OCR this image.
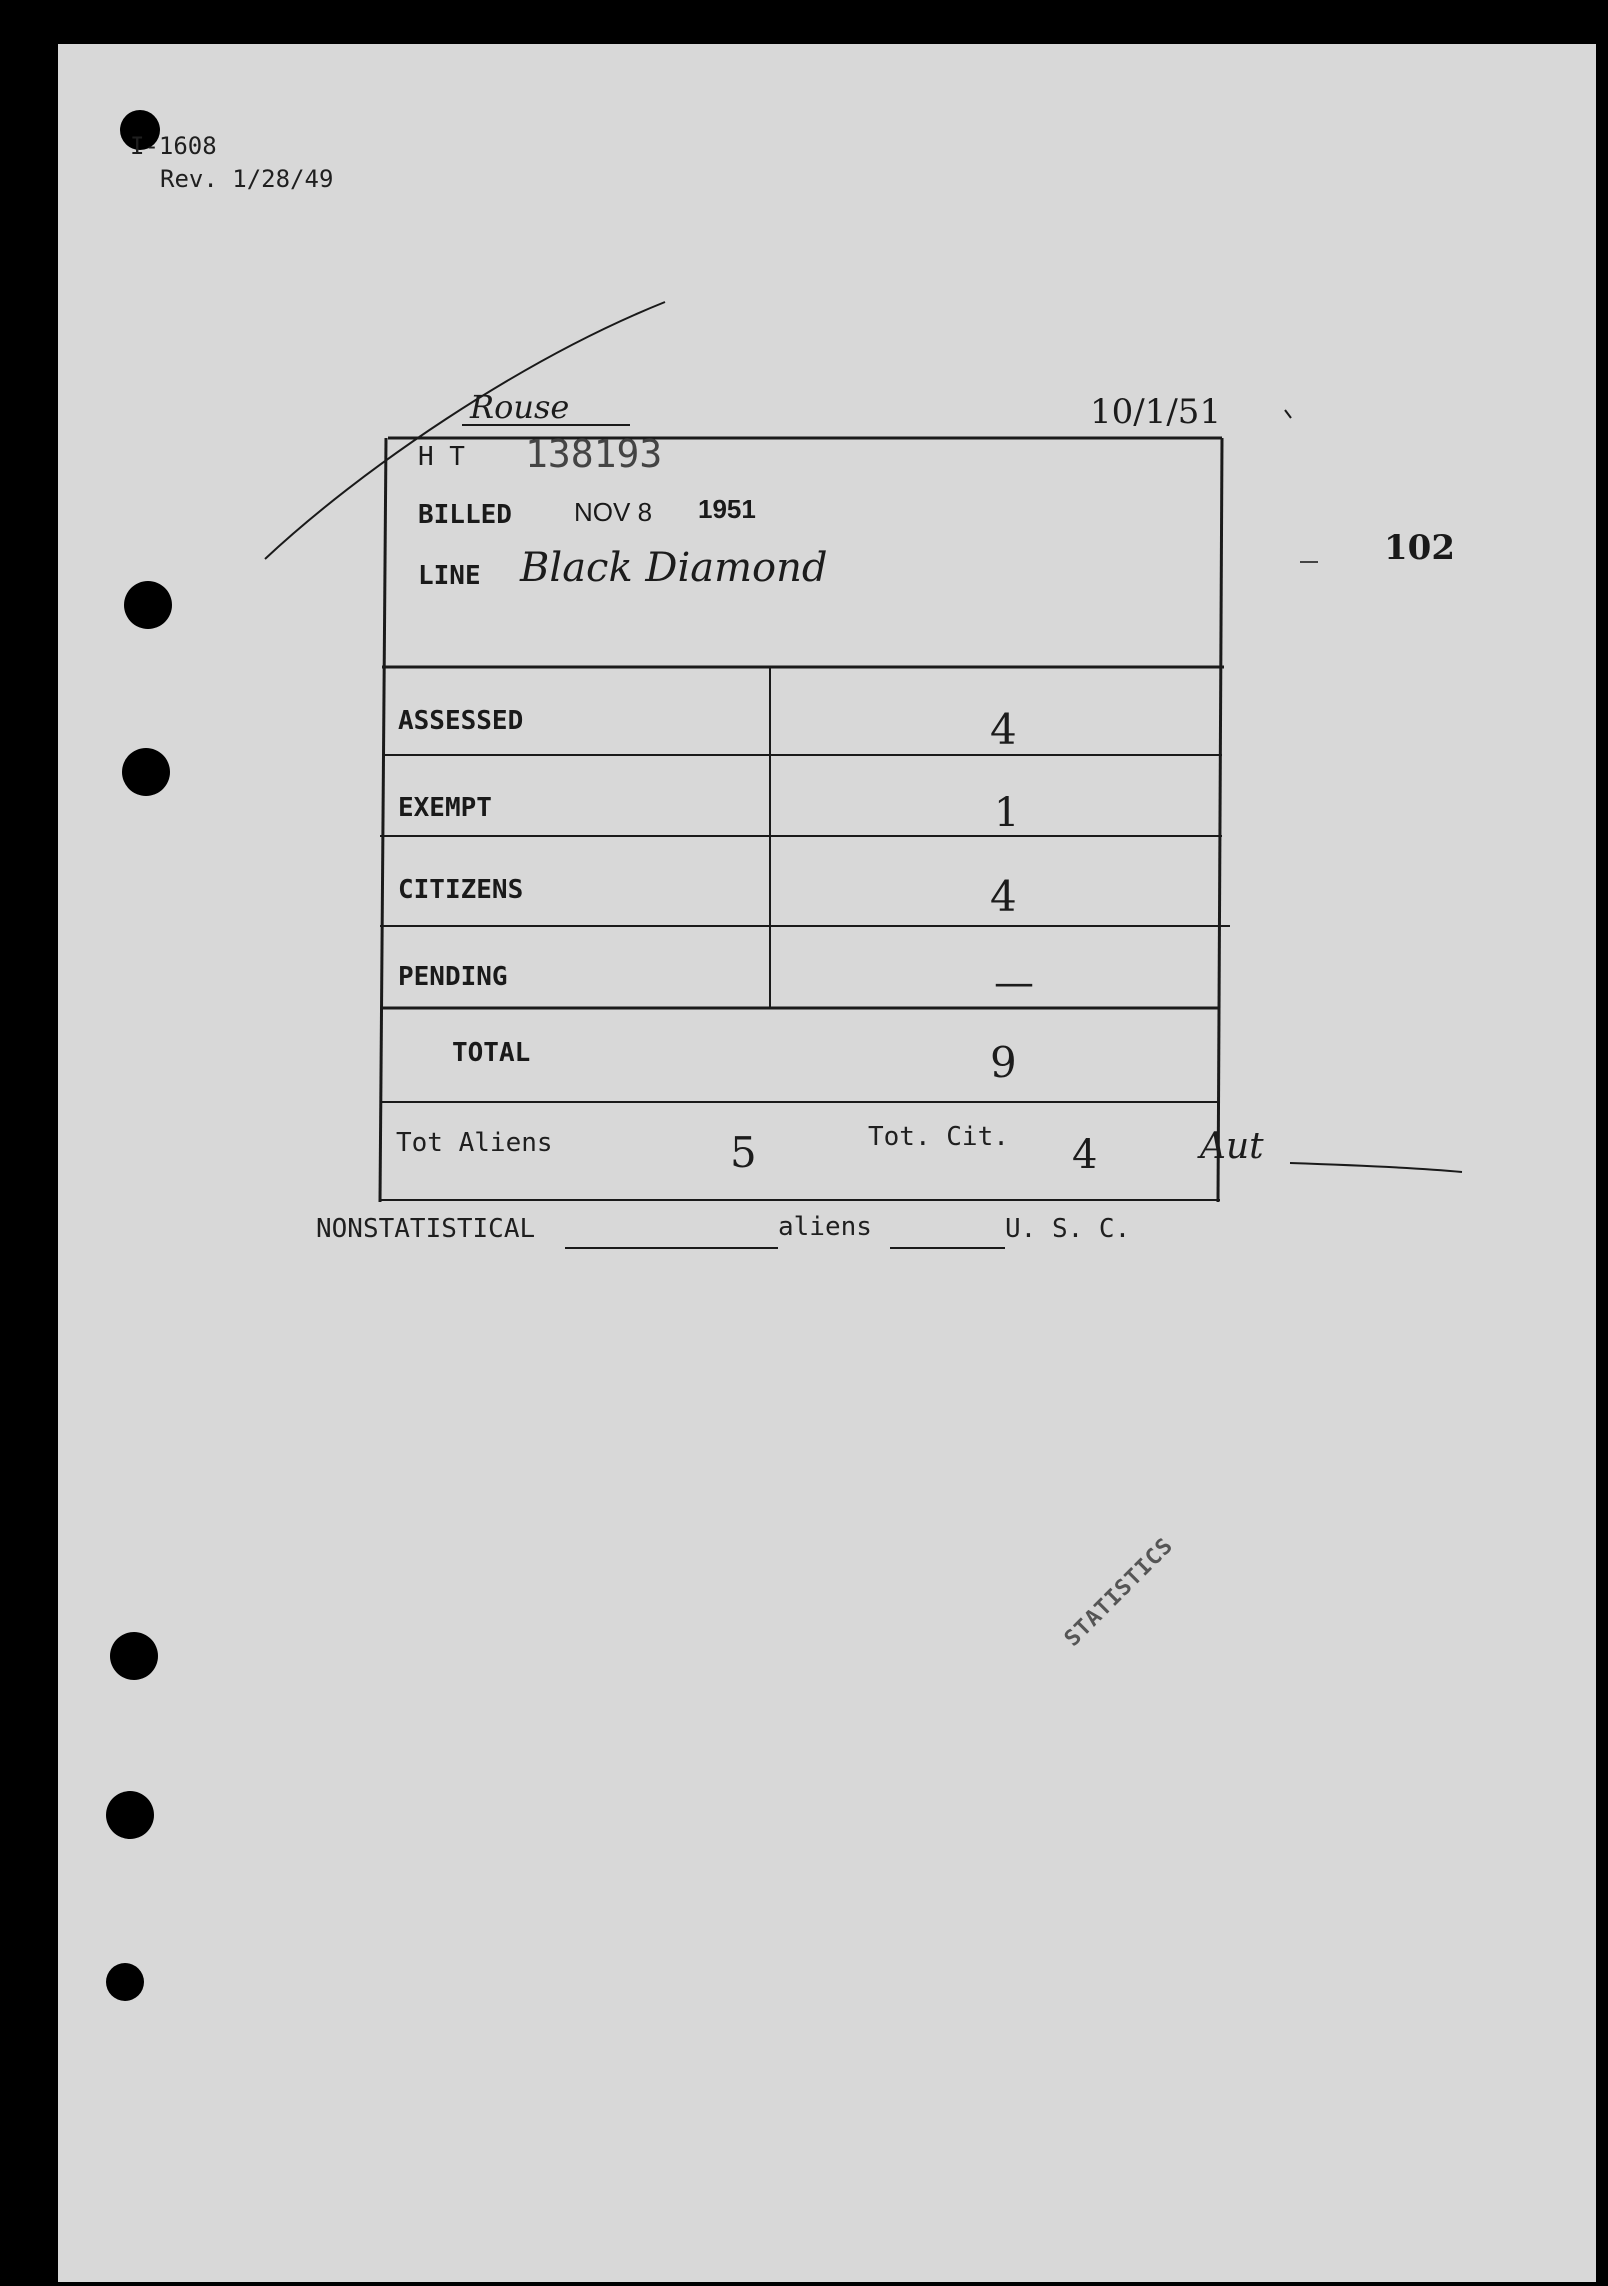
I-1608
Rev. 1/28/49
Rouse	10/1/51
H T 138193
BILLED NOV 8 1951
LINE Black Diamond	102
ASSESSED	4
EXEMPT	1
CITIZENS	4
PENDING	—
TOTAL	9
Tot Aliens	5	Tot. Cit. 4	Aut
NONSTATISTICAL	aliens	U. S. C.
STATISTICS
